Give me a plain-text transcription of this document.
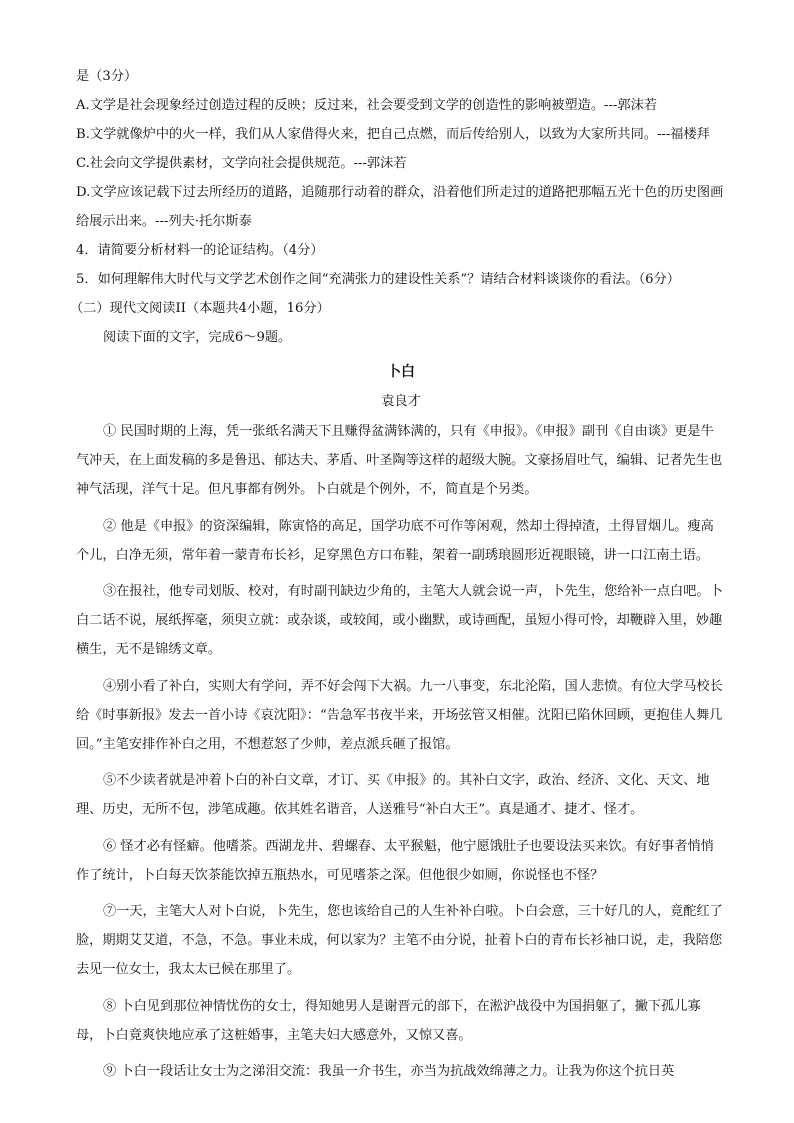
是（3分）

A.文学是社会现象经过创造过程的反映；反过来，社会要受到文学的创造性的影响被塑造。---郭沫若

B.文学就像炉中的火一样，我们从人家借得火来，把自己点燃，而后传给别人，以致为大家所共同。---福楼拜

C.社会向文学提供素材，文学向社会提供规范。---郭沫若

D.文学应该记载下过去所经历的道路，追随那行动着的群众，沿着他们所走过的道路把那幅五光十色的历史图画给展示出来。---列夫·托尔斯泰

4．请简要分析材料一的论证结构。（4分）

5．如何理解伟大时代与文学艺术创作之间“充满张力的建设性关系”？请结合材料谈谈你的看法。（6分）

（二）现代文阅读II（本题共4小题，16分）

阅读下面的文字，完成6～9题。

卜白

袁良才

① 民国时期的上海，凭一张纸名满天下且赚得盆满钵满的，只有《申报》。《申报》副刊《自由谈》更是牛气冲天，在上面发稿的多是鲁迅、郁达夫、茅盾、叶圣陶等这样的超级大腕。文豪扬眉吐气，编辑、记者先生也神气活现，洋气十足。但凡事都有例外。卜白就是个例外，不，简直是个另类。

② 他是《申报》的资深编辑，陈寅恪的高足，国学功底不可作等闲观，然却土得掉渣，土得冒烟儿。瘦高个儿，白净无须，常年着一蒙青布长衫，足穿黑色方口布鞋，架着一副琇琅圆形近视眼镜，讲一口江南土语。

③在报社，他专司划版、校对，有时副刊缺边少角的，主笔大人就会说一声，卜先生，您给补一点白吧。卜白二话不说，展纸挥毫，须臾立就：或杂谈，或较闻，或小幽默，或诗画配，虽短小得可怜，却鞭辟入里，妙趣横生，无不是锦绣文章。

④别小看了补白，实则大有学问，弄不好会闯下大祸。九一八事变，东北沦陷，国人悲愤。有位大学马校长给《时事新报》发去一首小诗《哀沈阳》：“告急军书夜半来，开场弦管又相催。沈阳已陷休回顾，更抱佳人舞几回。”主笔安排作补白之用，不想惹怒了少帅，差点派兵砸了报馆。

⑤不少读者就是冲着卜白的补白文章，才订、买《申报》的。其补白文字，政治、经济、文化、天文、地理、历史，无所不包，涉笔成趣。依其姓名谐音，人送雅号“补白大王”。真是通才、捷才、怪才。

⑥ 怪才必有怪癖。他嗜茶。西湖龙井、碧螺春、太平猴魁，他宁愿饿肚子也要设法买来饮。有好事者悄悄作了统计，卜白每天饮茶能饮掉五瓶热水，可见嗜茶之深。但他很少如厕，你说怪也不怪？

⑦一天，主笔大人对卜白说，卜先生，您也该给自己的人生补补白啦。卜白会意，三十好几的人，竟酡红了脸，期期艾艾道，不急，不急。事业未成，何以家为？主笔不由分说，扯着卜白的青布长衫袖口说，走，我陪您去见一位女士，我太太已候在那里了。

⑧ 卜白见到那位神情忧伤的女士，得知她男人是谢晋元的部下，在淞沪战役中为国捐躯了，撇下孤儿寡母，卜白竟爽快地应承了这桩婚事，主笔夫妇大感意外，又惊又喜。

⑨ 卜白一段话让女士为之涕泪交流：我虽一介书生，亦当为抗战效绵薄之力。让我为你这个抗日英
